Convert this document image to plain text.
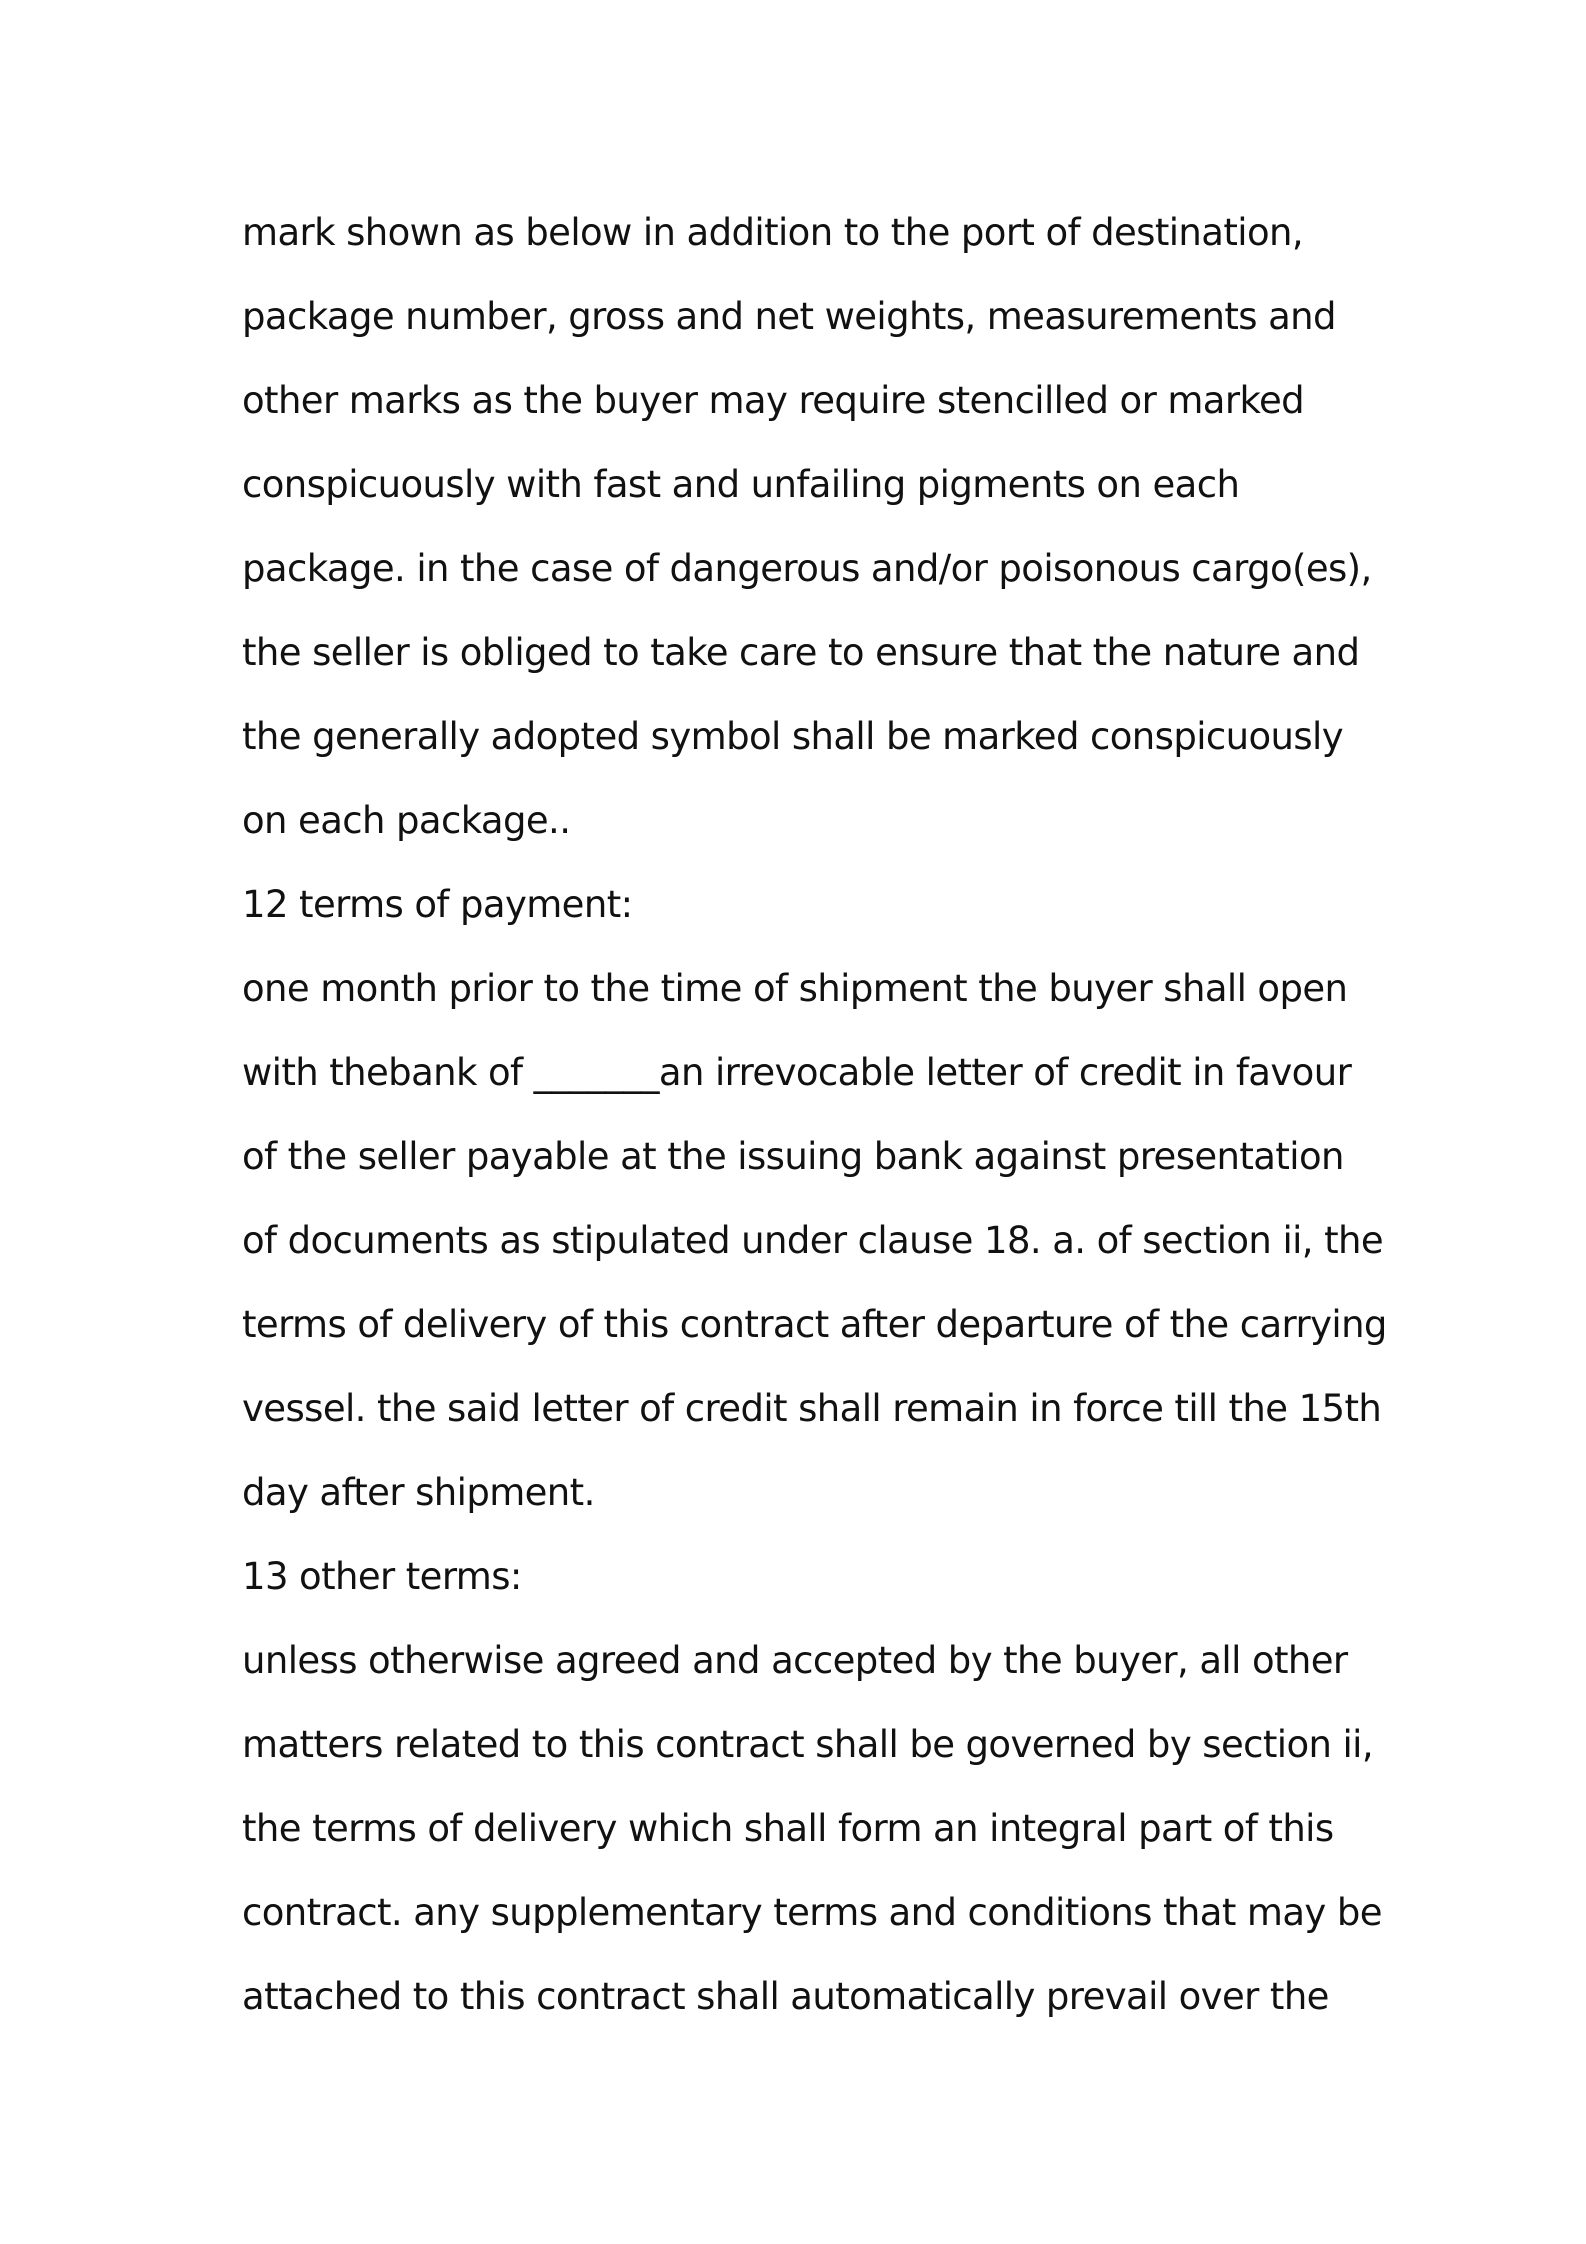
mark shown as below in addition to the port of destination,
package number, gross and net weights, measurements and
other marks as the buyer may require stencilled or marked
conspicuously with fast and unfailing pigments on each
package. in the case of dangerous and/or poisonous cargo(es),
the seller is obliged to take care to ensure that the nature and
the generally adopted symbol shall be marked conspicuously
on each package..
12 terms of payment:
one month prior to the time of shipment the buyer shall open
with thebank of _______an irrevocable letter of credit in favour
of the seller payable at the issuing bank against presentation
of documents as stipulated under clause 18. a. of section ii, the
terms of delivery of this contract after departure of the carrying
vessel. the said letter of credit shall remain in force till the 15th
day after shipment.
13 other terms:
unless otherwise agreed and accepted by the buyer, all other
matters related to this contract shall be governed by section ii,
the terms of delivery which shall form an integral part of this
contract. any supplementary terms and conditions that may be
attached to this contract shall automatically prevail over the
